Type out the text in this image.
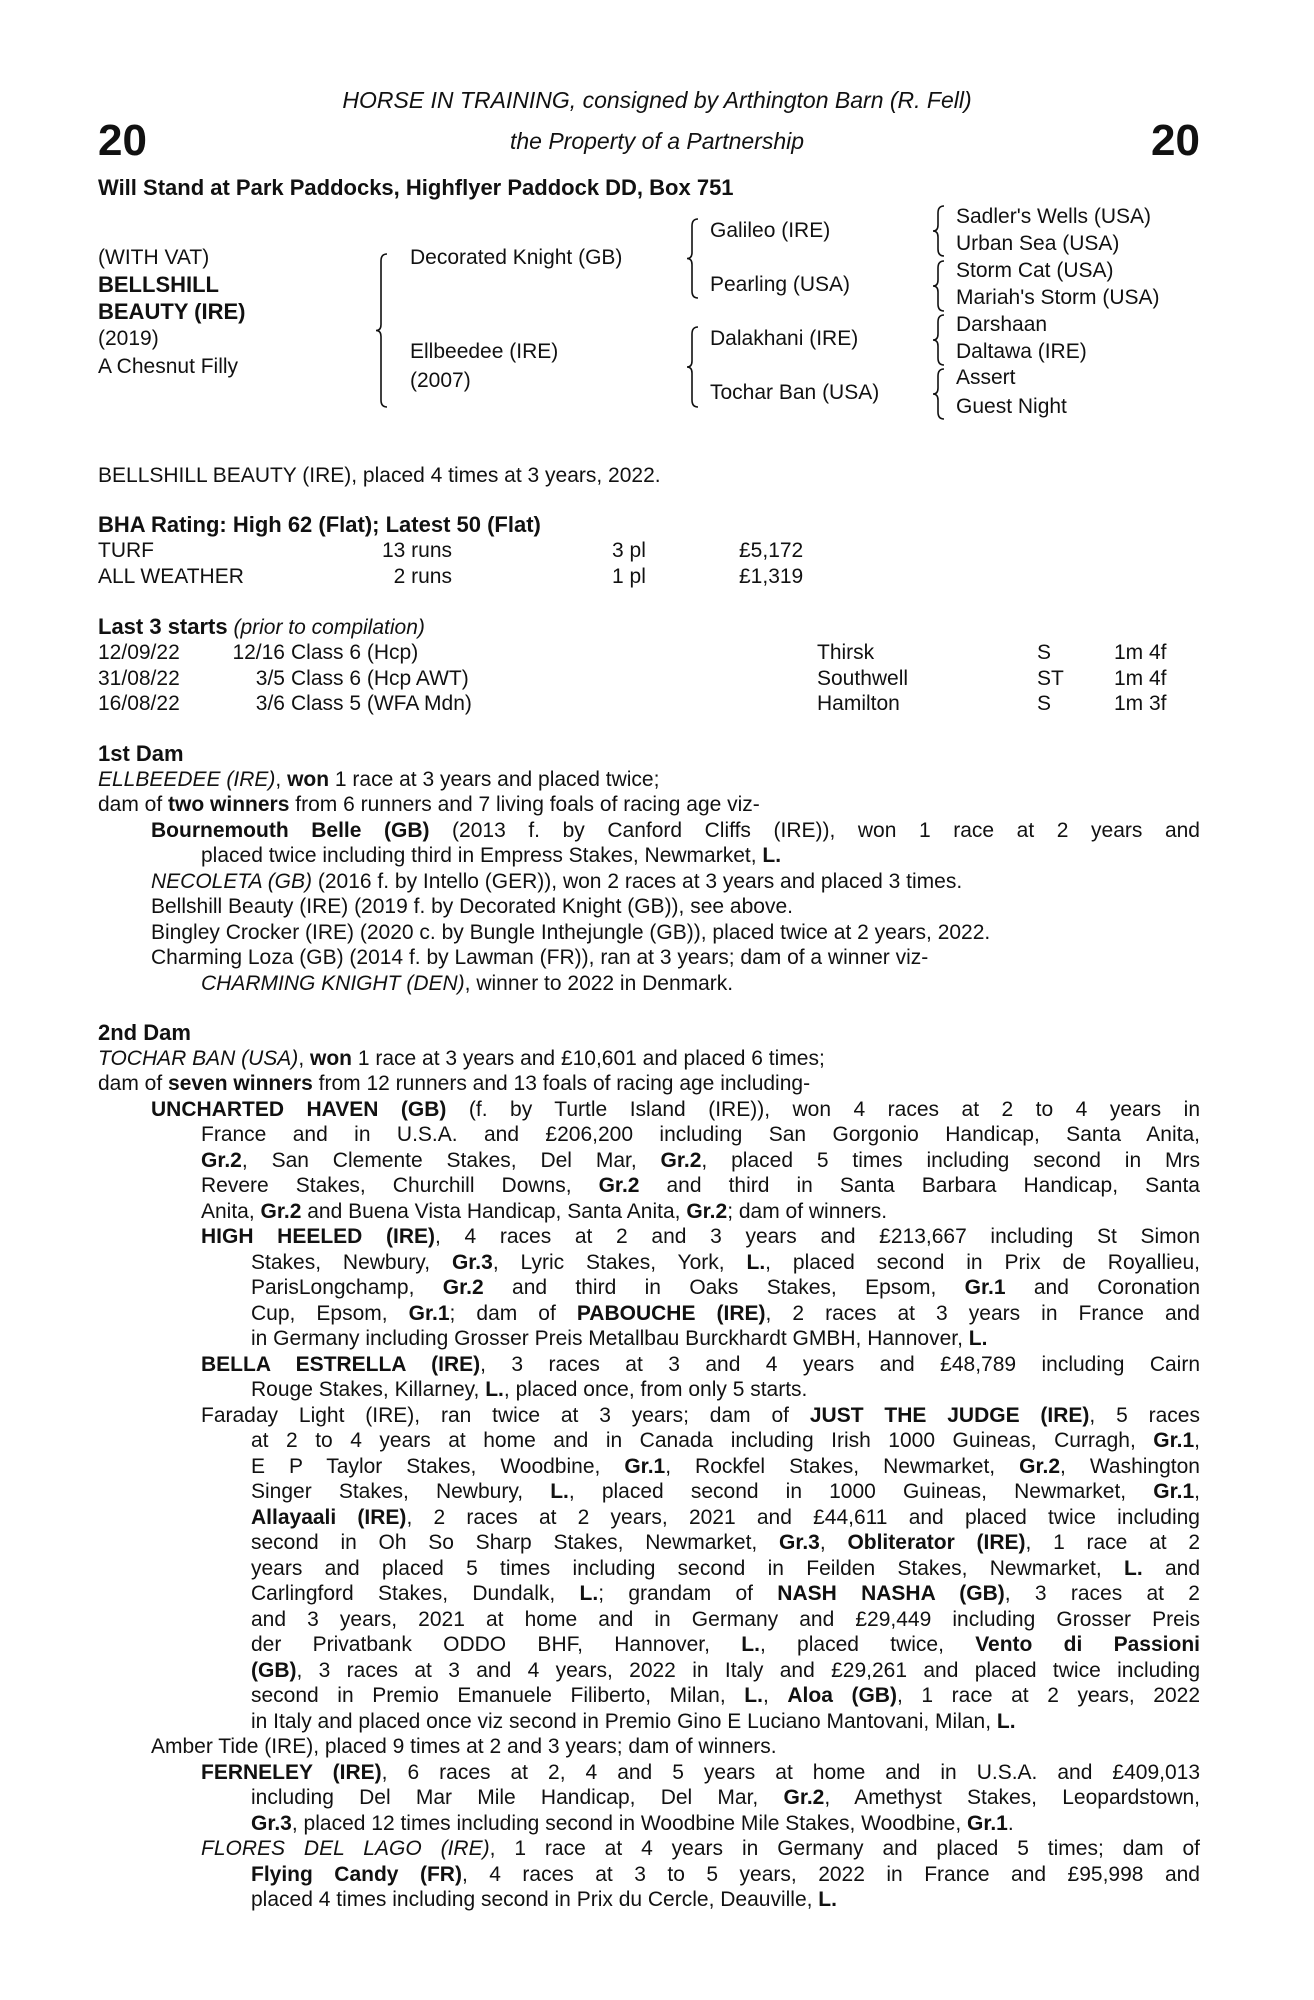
HORSE IN TRAINING, consigned by Arthington Barn (R. Fell)
the Property of a Partnership
20	20
Will Stand at Park Paddocks, Highflyer Paddock DD, Box 751
(WITH VAT)
BELLSHILL
BEAUTY (IRE)
(2019)
A Chesnut Filly
Decorated Knight (GB)
Ellbeedee (IRE)
(2007)
Galileo (IRE)
Pearling (USA)
Dalakhani (IRE)
Tochar Ban (USA)
Sadler's Wells (USA)
Urban Sea (USA)
Storm Cat (USA)
Mariah's Storm (USA)
Darshaan
Daltawa (IRE)
Assert
Guest Night
BELLSHILL BEAUTY (IRE), placed 4 times at 3 years, 2022.
BHA Rating: High 62 (Flat); Latest 50 (Flat)
TURF	13 runs	3 pl	£5,172
ALL WEATHER	2 runs	1 pl	£1,319
Last 3 starts (prior to compilation)
12/09/22	12/16 Class 6 (Hcp)	Thirsk	S	1m 4f
31/08/22	3/5 Class 6 (Hcp AWT)	Southwell	ST 1m 4f
16/08/22	3/6 Class 5 (WFA Mdn)	Hamilton	S	1m 3f
1st Dam
ELLBEEDEE (IRE), won 1 race at 3 years and placed twice;
dam of two winners from 6 runners and 7 living foals of racing age viz-
Bournemouth Belle (GB) (2013 f. by Canford Cliffs (IRE)), won 1 race at 2 years and
placed twice including third in Empress Stakes, Newmarket, L.
NECOLETA (GB) (2016 f. by Intello (GER)), won 2 races at 3 years and placed 3 times.
Bellshill Beauty (IRE) (2019 f. by Decorated Knight (GB)), see above.
Bingley Crocker (IRE) (2020 c. by Bungle Inthejungle (GB)), placed twice at 2 years, 2022.
Charming Loza (GB) (2014 f. by Lawman (FR)), ran at 3 years; dam of a winner viz-
CHARMING KNIGHT (DEN), winner to 2022 in Denmark.
2nd Dam
TOCHAR BAN (USA), won 1 race at 3 years and £10,601 and placed 6 times;
dam of seven winners from 12 runners and 13 foals of racing age including-
UNCHARTED HAVEN (GB) (f. by Turtle Island (IRE)), won 4 races at 2 to 4 years in
France and in U.S.A. and £206,200 including San Gorgonio Handicap, Santa Anita,
Gr.2, San Clemente Stakes, Del Mar, Gr.2, placed 5 times including second in Mrs
Revere Stakes, Churchill Downs, Gr.2 and third in Santa Barbara Handicap, Santa
Anita, Gr.2 and Buena Vista Handicap, Santa Anita, Gr.2; dam of winners.
HIGH HEELED (IRE), 4 races at 2 and 3 years and £213,667 including St Simon
Stakes, Newbury, Gr.3, Lyric Stakes, York, L., placed second in Prix de Royallieu,
ParisLongchamp, Gr.2 and third in Oaks Stakes, Epsom, Gr.1 and Coronation
Cup, Epsom, Gr.1; dam of PABOUCHE (IRE), 2 races at 3 years in France and
in Germany including Grosser Preis Metallbau Burckhardt GMBH, Hannover, L.
BELLA ESTRELLA (IRE), 3 races at 3 and 4 years and £48,789 including Cairn
Rouge Stakes, Killarney, L., placed once, from only 5 starts.
Faraday Light (IRE), ran twice at 3 years; dam of JUST THE JUDGE (IRE), 5 races
at 2 to 4 years at home and in Canada including Irish 1000 Guineas, Curragh, Gr.1,
E P Taylor Stakes, Woodbine, Gr.1, Rockfel Stakes, Newmarket, Gr.2, Washington
Singer Stakes, Newbury, L., placed second in 1000 Guineas, Newmarket, Gr.1,
Allayaali (IRE), 2 races at 2 years, 2021 and £44,611 and placed twice including
second in Oh So Sharp Stakes, Newmarket, Gr.3, Obliterator (IRE), 1 race at 2
years and placed 5 times including second in Feilden Stakes, Newmarket, L. and
Carlingford Stakes, Dundalk, L.; grandam of NASH NASHA (GB), 3 races at 2
and 3 years, 2021 at home and in Germany and £29,449 including Grosser Preis
der Privatbank ODDO BHF, Hannover, L., placed twice, Vento di Passioni
(GB), 3 races at 3 and 4 years, 2022 in Italy and £29,261 and placed twice including
second in Premio Emanuele Filiberto, Milan, L., Aloa (GB), 1 race at 2 years, 2022
in Italy and placed once viz second in Premio Gino E Luciano Mantovani, Milan, L.
Amber Tide (IRE), placed 9 times at 2 and 3 years; dam of winners.
FERNELEY (IRE), 6 races at 2, 4 and 5 years at home and in U.S.A. and £409,013
including Del Mar Mile Handicap, Del Mar, Gr.2, Amethyst Stakes, Leopardstown,
Gr.3, placed 12 times including second in Woodbine Mile Stakes, Woodbine, Gr.1.
FLORES DEL LAGO (IRE), 1 race at 4 years in Germany and placed 5 times; dam of
Flying Candy (FR), 4 races at 3 to 5 years, 2022 in France and £95,998 and
placed 4 times including second in Prix du Cercle, Deauville, L.
